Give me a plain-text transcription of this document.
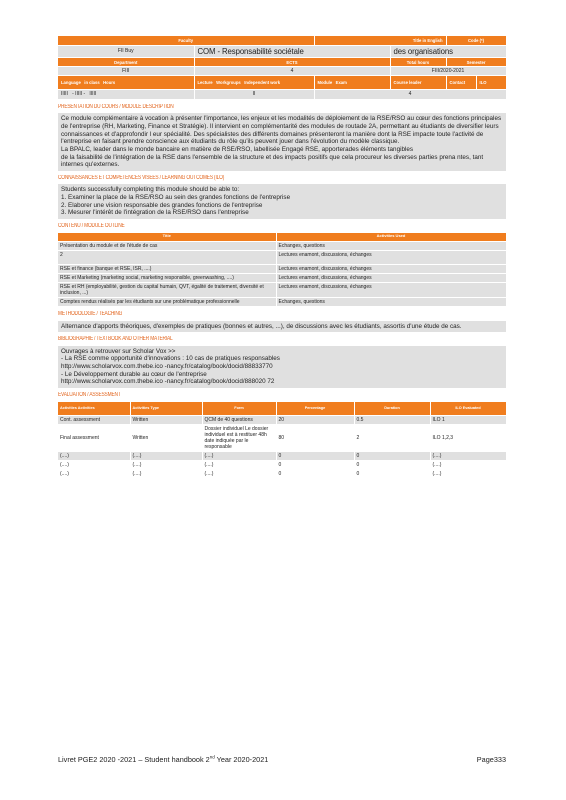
Faculty		Title in English		Code (*)	
FII Buy	COM - Responsabilité sociétale		des organisations		
Department	ECTS		Total hours	Semester	
FIII	4		FIII/2020-2021		
Language in class Hours	Lecture Workgroups Independent work	Module Exam	Course leader	Contact	ILO
IIIII - IIIII - IIIII	II	4			
PRESENTATION DU COURS / MODULE DESCRIPTION

Ce module complémentaire à vocation à présenter l'importance, les enjeux et les modalités de déploiement de la RSE/RSO au cœur des fonctions principales de l'entreprise (RH, Marketing, Finance et Stratégie). Il intervient en complémentarité des modules de routade 2A, permettant au étudiants de diversifier leurs connaissances et d'approfondir l eur spécialité. Des spécialistes des différents domaines présenteront la manière dont la RSE impacte toute l'activité de l'entreprise en faisant prendre conscience aux étudiants du rôle qu'ils peuvent jouer dans l'évolution du modèle classique.

La BPALC, leader dans le monde bancaire en matière de RSE/RSO, labellisée Engagé RSE, apporterades éléments tangibles

de la faisabilité de l'intégration de la RSE dans l'ensemble de la structure et des impacts positifs que cela procureur les diverses parties prena ntes, tant internes qu'externes.

CONNAISSANCES ET COMPETENCES VISEES / LEARNING OUTCOMES (ILO)

Students successfully completing this module should be able to:

1. Examiner la place de la RSE/RSO au sein des grandes fonctions de l'entreprise

2. Elaborer une vision responsable des grandes fonctions de l'entreprise

3. Mesurer l'intérêt de l'intégration de la RSE/RSO dans l'entreprise

CONTENU / MODULE OUTLINE
Title	Activities Used
Présentation du module et de l'étude de cas	Echanges, questions
2	Lectures enamont, discussions, échanges
RSE et finance (banque et RSE, ISR, ....)	Lectures enamont, discussions, échanges
RSE et Marketing (marketing social, marketing responsible, greenwashing, ....)	Lectures enamont, discussions, échanges
RSE et RH (employabilité, gestion du capital humain, QVT, égalité de traitement, diversité et inclusion, ...)	Lectures enamont, discussions, échanges
Comptes rendus réalisés par les étudiants sur une problématique professionnelle	Echanges, questions
METHODOLOGIE / TEACHING

Alternance d'apports théoriques, d'exemples de pratiques (bonnes et autres, ...), de discussions avec les étudiants, assortis d'une étude de cas.

BIBLIOGRAPHIE / TEXTBOOK AND OTHER MATERIAL

Ouvrages à retrouver sur Scholar Vox >>

- La RSE comme opportunité d'innovations : 10 cas de pratiques responsables

http://www.scholarvox.com.thebe.ico -nancy.fr/catalog/book/docid/88833770

- Le Développement durable au cœur de l'entreprise

http://www.scholarvox.com.thebe.ico -nancy.fr/catalog/book/docid/888020 72

EVALUATION / ASSESSMENT
Activities Activities	Activities Type	Form	Percentage	Duration	ILO Evaluated
Cont. assessment	Written	QCM de 40 questions	20	0.5	ILO 1
Final assessment	Written	Dossier individuel Le dossier individuel est à restituer 48h date indiquée par le responsable	80	2	ILO 1,2,3
(....)	(....)	(....)	0	0	(....)
(....)	(....)	(....)	0	0	(....)
(....)	(....)	(....)	0	0	(....)
Livret PGE2 2020 -2021 – Student handbook 2nd Year 2020-2021	Page333
